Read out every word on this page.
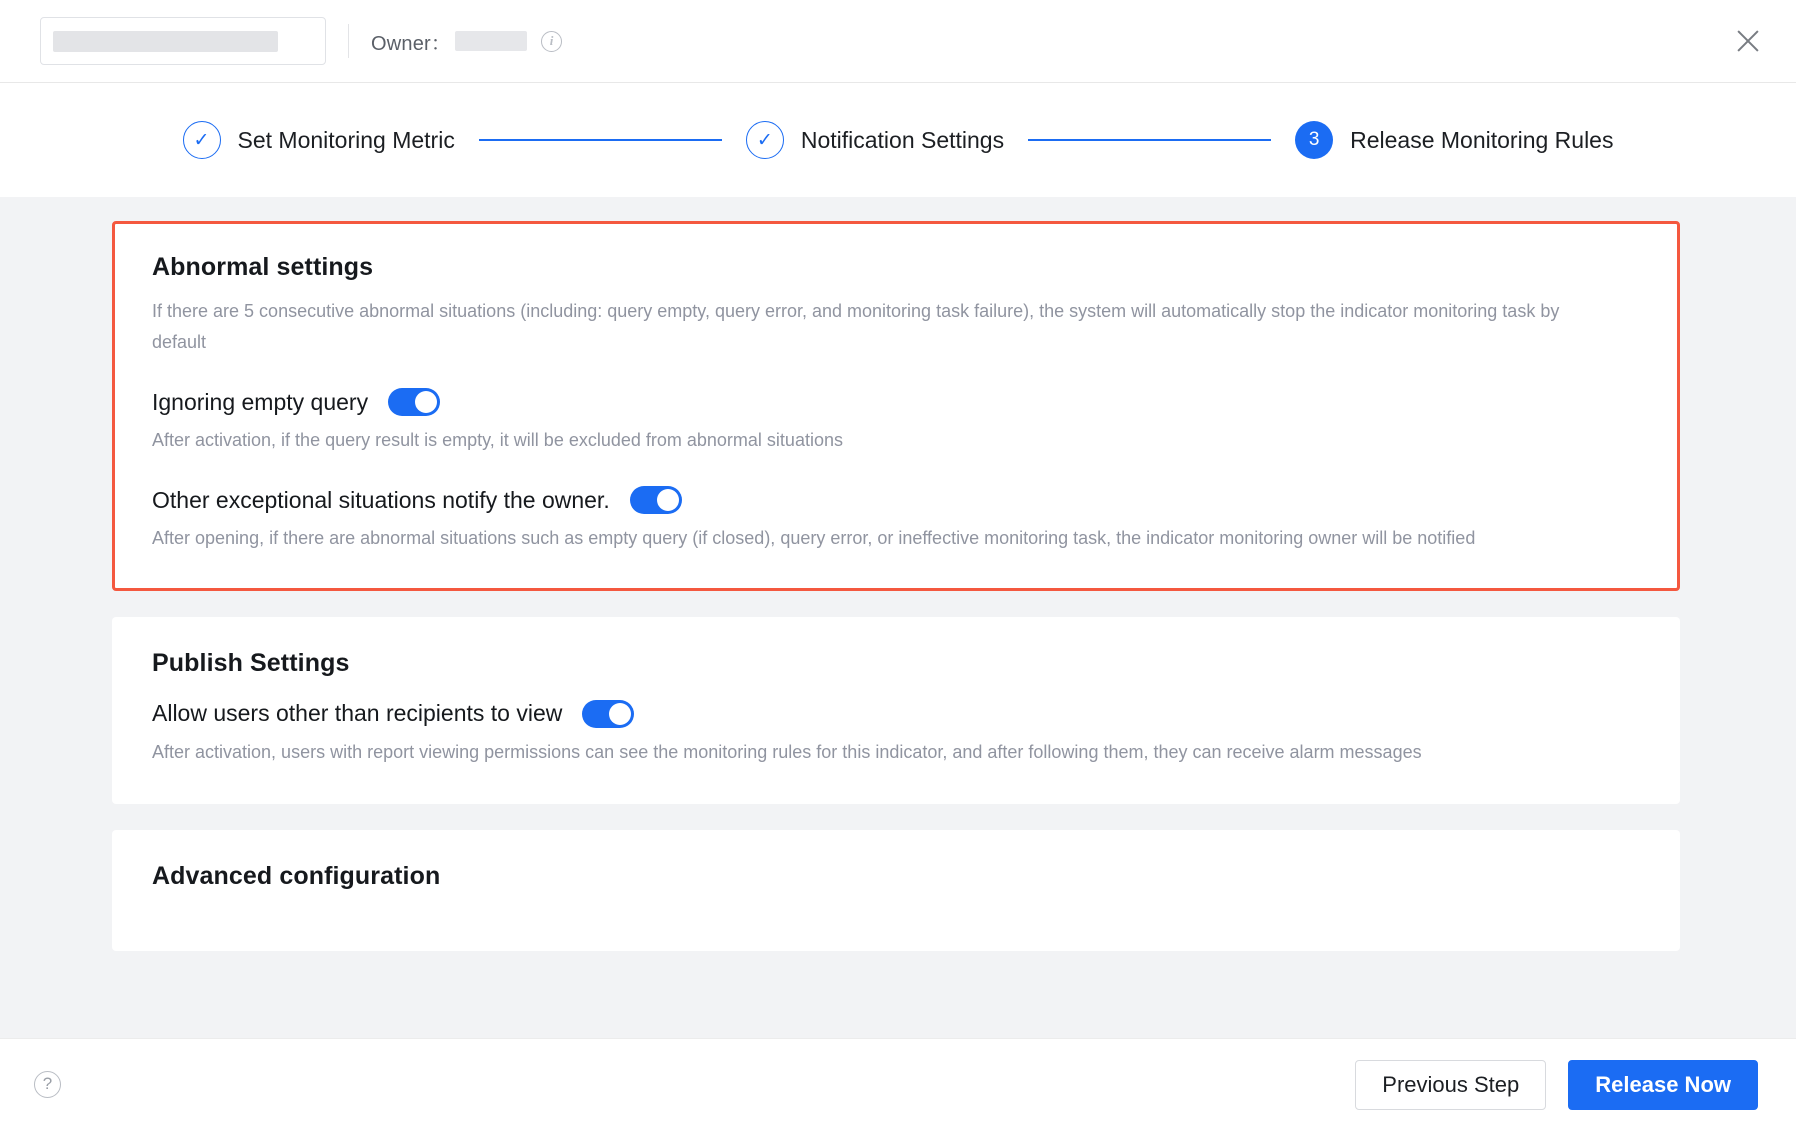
Owner：	i
✓	Set Monitoring Metric	✓	Notification Settings	3	Release Monitoring Rules
Abnormal settings

If there are 5 consecutive abnormal situations (including: query empty, query error, and monitoring task failure), the system will automatically stop the indicator monitoring task by default

Ignoring empty query

After activation, if the query result is empty, it will be excluded from abnormal situations

Other exceptional situations notify the owner.

After opening, if there are abnormal situations such as empty query (if closed), query error, or ineffective monitoring task, the indicator monitoring owner will be notified

Publish Settings
Allow users other than recipients to view

After activation, users with report viewing permissions can see the monitoring rules for this indicator, and after following them, they can receive alarm messages

Advanced configuration
?	Previous Step	Release Now
